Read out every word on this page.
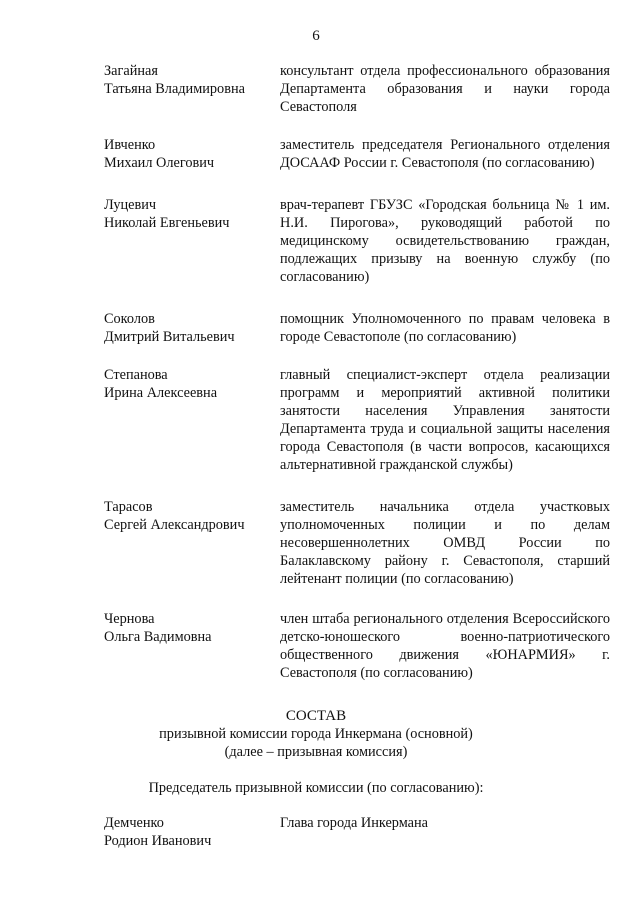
6
Загайная
Татьяна Владимировна
консультант отдела профессионального образования Департамента образования и науки города Севастополя
Ивченко
Михаил Олегович
заместитель председателя Регионального отделения ДОСААФ России г. Севастополя (по согласованию)
Луцевич
Николай Евгеньевич
врач-терапевт ГБУЗС «Городская больница № 1 им. Н.И. Пирогова», руководящий работой по медицинскому освидетельствованию граждан, подлежащих призыву на военную службу (по согласованию)
Соколов
Дмитрий Витальевич
помощник Уполномоченного по правам человека в городе Севастополе (по согласованию)
Степанова
Ирина Алексеевна
главный специалист-эксперт отдела реализации программ и мероприятий активной политики занятости населения Управления занятости Департамента труда и социальной защиты населения города Севастополя (в части вопросов, касающихся альтернативной гражданской службы)
Тарасов
Сергей Александрович
заместитель начальника отдела участковых уполномоченных полиции и по делам несовершеннолетних ОМВД России по Балаклавскому району г. Севастополя, старший лейтенант полиции (по согласованию)
Чернова
Ольга Вадимовна
член штаба регионального отделения Всероссийского детско-юношеского военно-патриотического общественного движения «ЮНАРМИЯ» г. Севастополя (по согласованию)
СОСТАВ
призывной комиссии города Инкермана (основной)
(далее – призывная комиссия)
Председатель призывной комиссии (по согласованию):
Демченко
Родион Иванович
Глава города Инкермана
